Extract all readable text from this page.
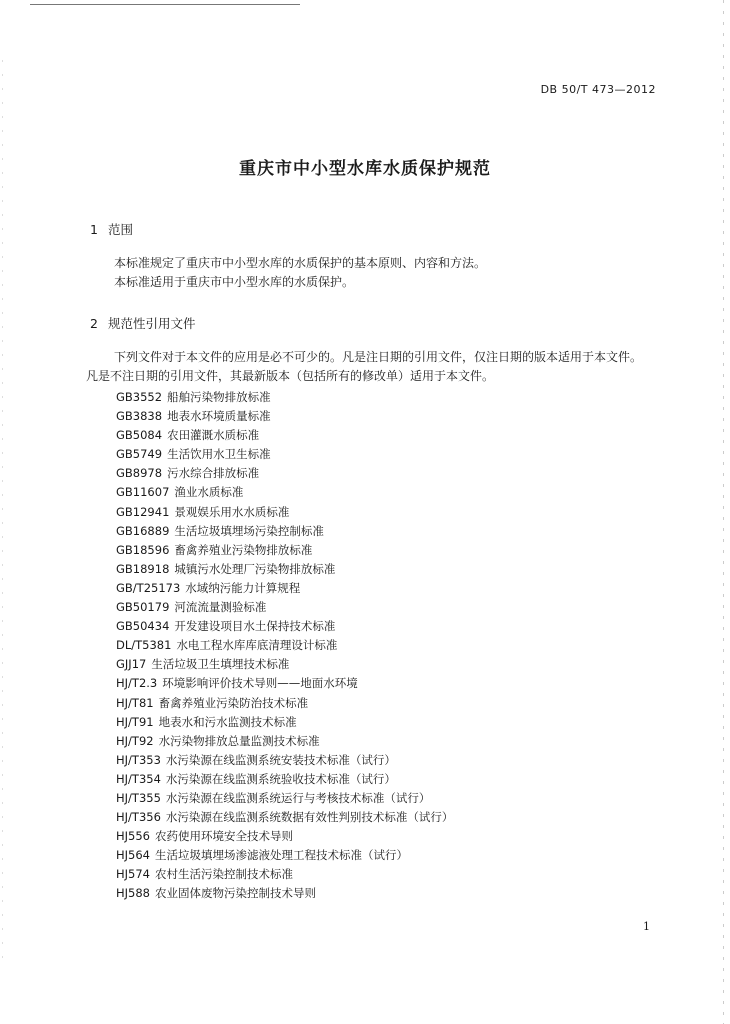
DB 50/T 473—2012
重庆市中小型水库水质保护规范
1 范围
本标准规定了重庆市中小型水库的水质保护的基本原则、内容和方法。
本标准适用于重庆市中小型水库的水质保护。
2 规范性引用文件
下列文件对于本文件的应用是必不可少的。凡是注日期的引用文件，仅注日期的版本适用于本文件。
凡是不注日期的引用文件，其最新版本（包括所有的修改单）适用于本文件。
GB3552 船舶污染物排放标准
GB3838 地表水环境质量标准
GB5084 农田灌溉水质标准
GB5749 生活饮用水卫生标准
GB8978 污水综合排放标准
GB11607 渔业水质标准
GB12941 景观娱乐用水水质标准
GB16889 生活垃圾填埋场污染控制标准
GB18596 畜禽养殖业污染物排放标准
GB18918 城镇污水处理厂污染物排放标准
GB/T25173 水域纳污能力计算规程
GB50179 河流流量测验标准
GB50434 开发建设项目水土保持技术标准
DL/T5381 水电工程水库库底清理设计标准
GJJ17 生活垃圾卫生填埋技术标准
HJ/T2.3 环境影响评价技术导则——地面水环境
HJ/T81 畜禽养殖业污染防治技术标准
HJ/T91 地表水和污水监测技术标准
HJ/T92 水污染物排放总量监测技术标准
HJ/T353 水污染源在线监测系统安装技术标准（试行）
HJ/T354 水污染源在线监测系统验收技术标准（试行）
HJ/T355 水污染源在线监测系统运行与考核技术标准（试行）
HJ/T356 水污染源在线监测系统数据有效性判别技术标准（试行）
HJ556 农药使用环境安全技术导则
HJ564 生活垃圾填埋场渗滤液处理工程技术标准（试行）
HJ574 农村生活污染控制技术标准
HJ588 农业固体废物污染控制技术导则
1
